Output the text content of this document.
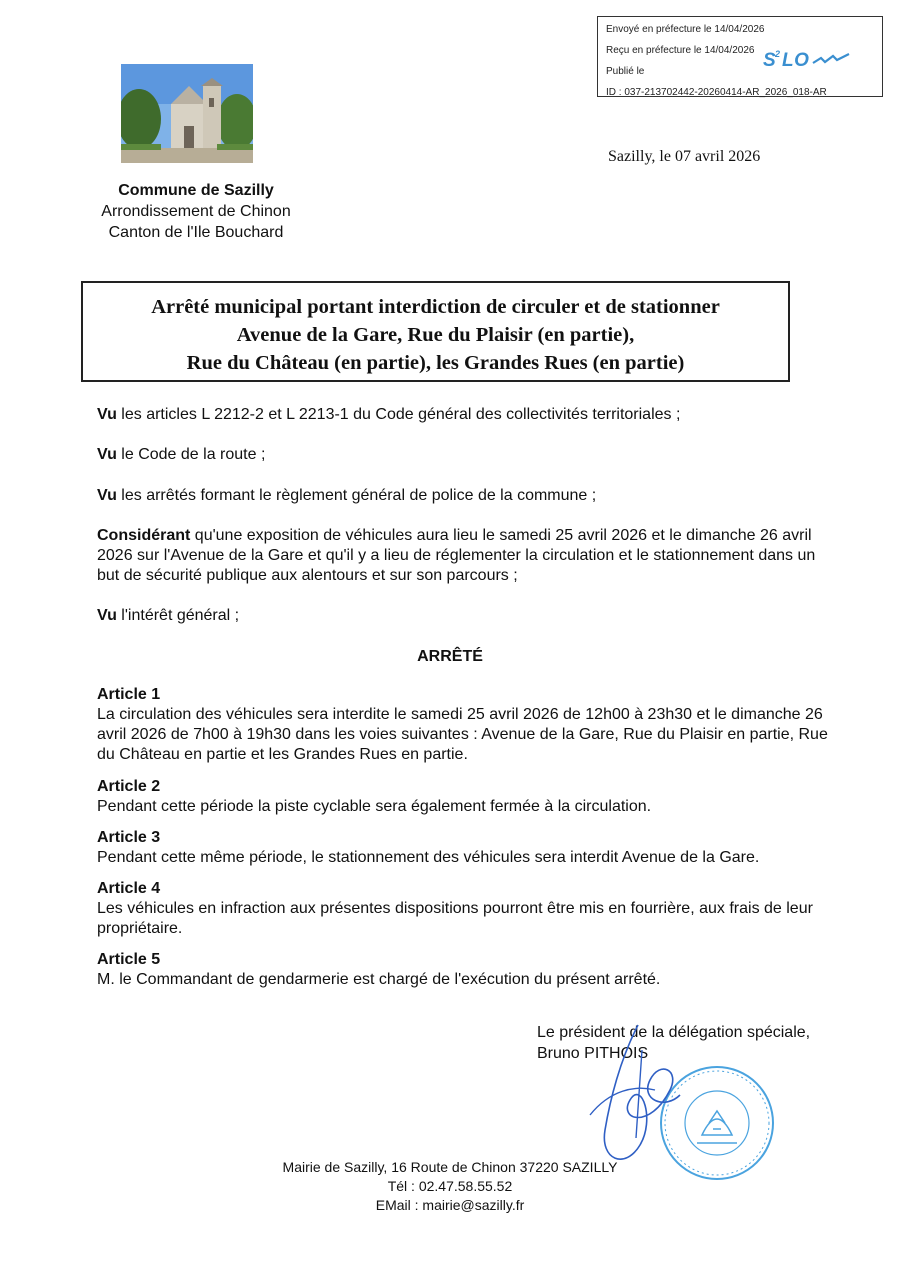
Envoyé en préfecture le 14/04/2026
Reçu en préfecture le 14/04/2026
Publié le
ID : 037-213702442-20260414-AR_2026_018-AR
S
2 LO
Sazilly, le 07 avril 2026
Commune de Sazilly
Arrondissement de Chinon
Canton de l'Ile Bouchard
Arrêté municipal portant interdiction de circuler et de stationner
Avenue de la Gare, Rue du Plaisir (en partie),
Rue du Château (en partie), les Grandes Rues (en partie)
Vu les articles L 2212-2 et L 2213-1 du Code général des collectivités territoriales ;
Vu le Code de la route ;
Vu les arrêtés formant le règlement général de police de la commune ;
Considérant qu'une exposition de véhicules aura lieu le samedi 25 avril 2026 et le dimanche 26 avril 2026 sur l'Avenue de la Gare et qu'il y a lieu de réglementer la circulation et le stationnement dans un but de sécurité publique aux alentours et sur son parcours ;
Vu l'intérêt général ;
ARRÊTÉ
Article 1
La circulation des véhicules sera interdite le samedi 25 avril 2026 de 12h00 à 23h30 et le dimanche 26 avril 2026 de 7h00 à 19h30 dans les voies suivantes : Avenue de la Gare, Rue du Plaisir en partie, Rue du Château en partie et les Grandes Rues en partie.
Article 2
Pendant cette période la piste cyclable sera également fermée à la circulation.
Article 3
Pendant cette même période, le stationnement des véhicules sera interdit Avenue de la Gare.
Article 4
Les véhicules en infraction aux présentes dispositions pourront être mis en fourrière, aux frais de leur propriétaire.
Article 5
M. le Commandant de gendarmerie est chargé de l'exécution du présent arrêté.
Le président de la délégation spéciale,
Bruno PITHOIS
Mairie de Sazilly, 16 Route de Chinon 37220 SAZILLY
Tél : 02.47.58.55.52
EMail : mairie@sazilly.fr
